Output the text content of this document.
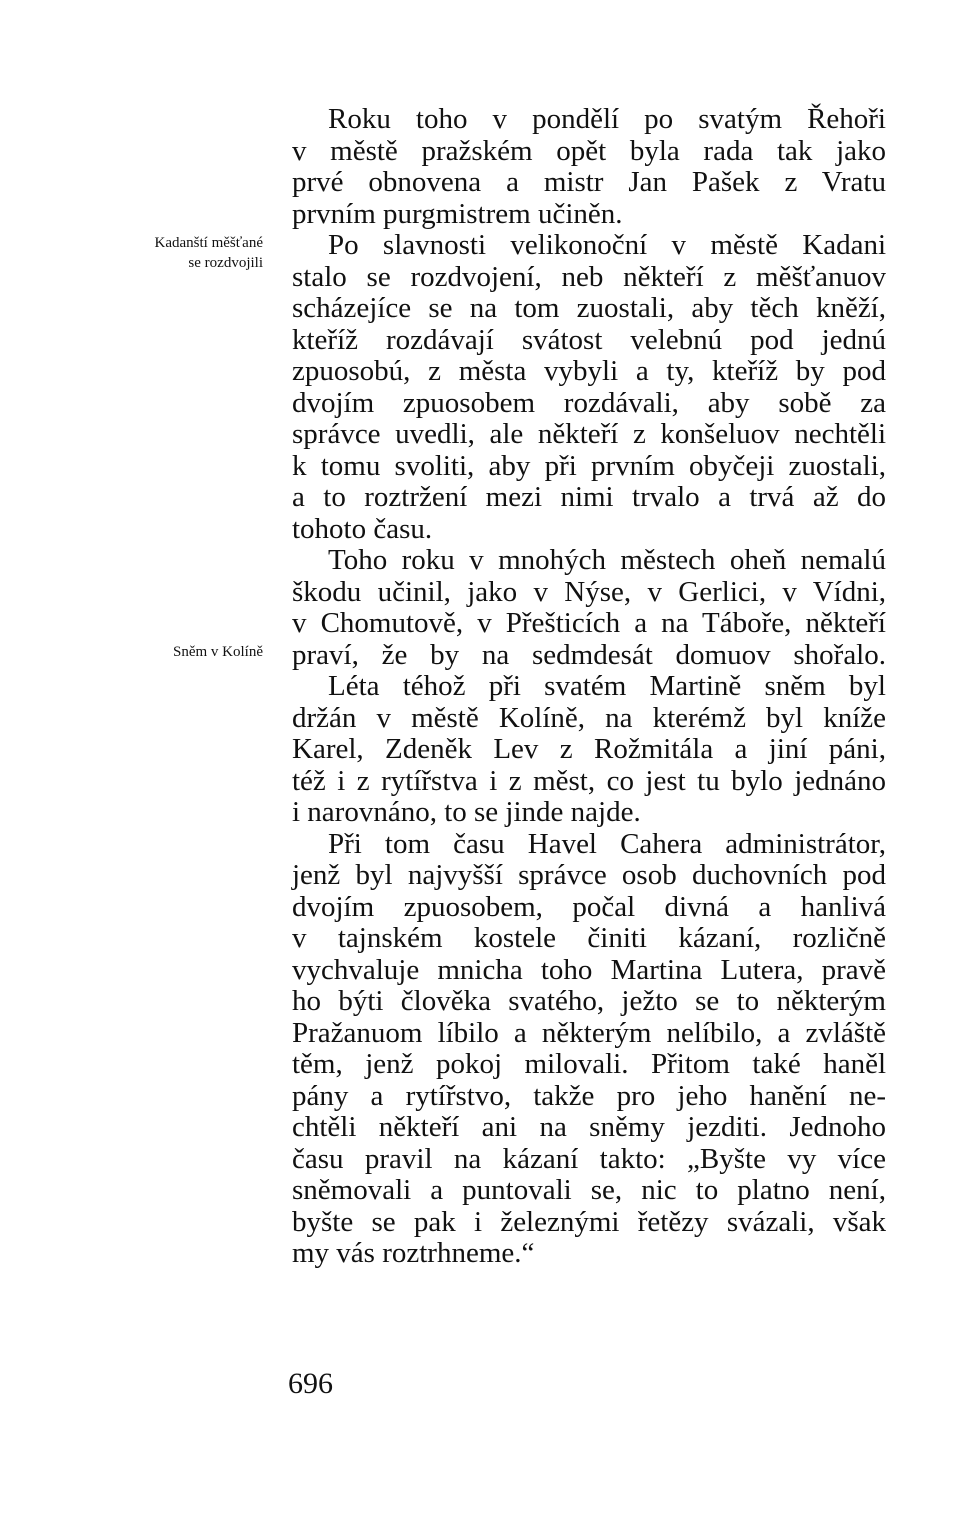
Kadanští měšťané
se rozdvojili
Sněm v Kolíně
Roku toho v pondělí po svatým Řehoři
v městě pražském opět byla rada tak jako
prvé obnovena a mistr Jan Pašek z Vratu
prvním purgmistrem učiněn.
Po slavnosti velikonoční v městě Kadani
stalo se rozdvojení, neb někteří z měšťanuov
scházejíce se na tom zuostali, aby těch kněží,
kteříž rozdávají svátost velebnú pod jednú
zpuosobú, z města vybyli a ty, kteříž by pod
dvojím zpuosobem rozdávali, aby sobě za
správce uvedli, ale někteří z konšeluov nechtěli
k tomu svoliti, aby při prvním obyčeji zuostali,
a to roztržení mezi nimi trvalo a trvá až do
tohoto času.
Toho roku v mnohých městech oheň nemalú
škodu učinil, jako v Nýse, v Gerlici, v Vídni,
v Chomutově, v Přešticích a na Táboře, někteří
praví, že by na sedmdesát domuov shořalo.
Léta téhož při svatém Martině sněm byl
držán v městě Kolíně, na kterémž byl kníže
Karel, Zdeněk Lev z Rožmitála a jiní páni,
též i z rytířstva i z měst, co jest tu bylo jednáno
i narovnáno, to se jinde najde.
Při tom času Havel Cahera administrátor,
jenž byl najvyšší správce osob duchovních pod
dvojím zpuosobem, počal divná a hanlivá
v tajnském kostele činiti kázaní, rozličně
vychvaluje mnicha toho Martina Lutera, pravě
ho býti člověka svatého, ježto se to některým
Pražanuom líbilo a některým nelíbilo, a zvláště
těm, jenž pokoj milovali. Přitom také haněl
pány a rytířstvo, takže pro jeho hanění ne-
chtěli někteří ani na sněmy jezditi. Jednoho
času pravil na kázaní takto: „Byšte vy více
sněmovali a puntovali se, nic to platno není,
byšte se pak i železnými řetězy svázali, však
my vás roztrhneme.“
696
